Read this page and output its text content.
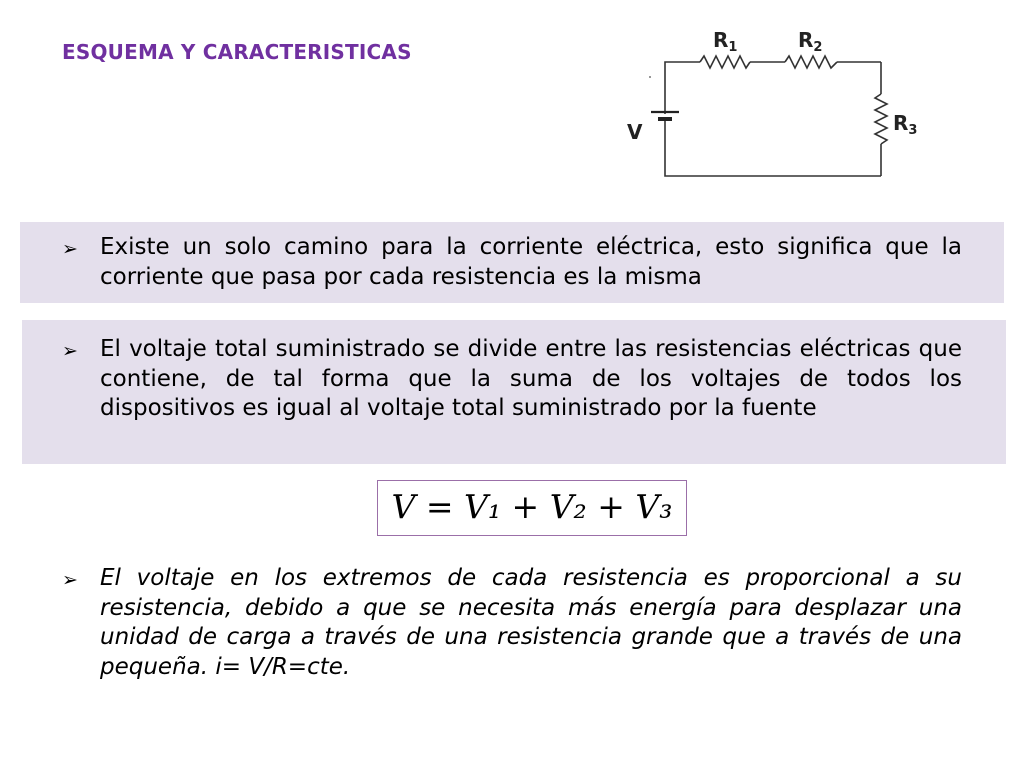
ESQUEMA Y CARACTERISTICAS	$R_1$	$R_2$
$R_3$
V
➢ Existe un solo camino para la corriente eléctrica, esto significa que la corriente que pasa por cada resistencia es la misma
➢ El voltaje total suministrado se divide entre las resistencias eléctricas que contiene, de tal forma que la suma de los voltajes de todos los dispositivos es igual al voltaje total suministrado por la fuente
V = V₁ + V₂ + V₃
➢ El voltaje en los extremos de cada resistencia es proporcional a su resistencia, debido a que se necesita más energía para desplazar una unidad de carga a través de una resistencia grande que a través de una pequeña. i= V/R=cte.
